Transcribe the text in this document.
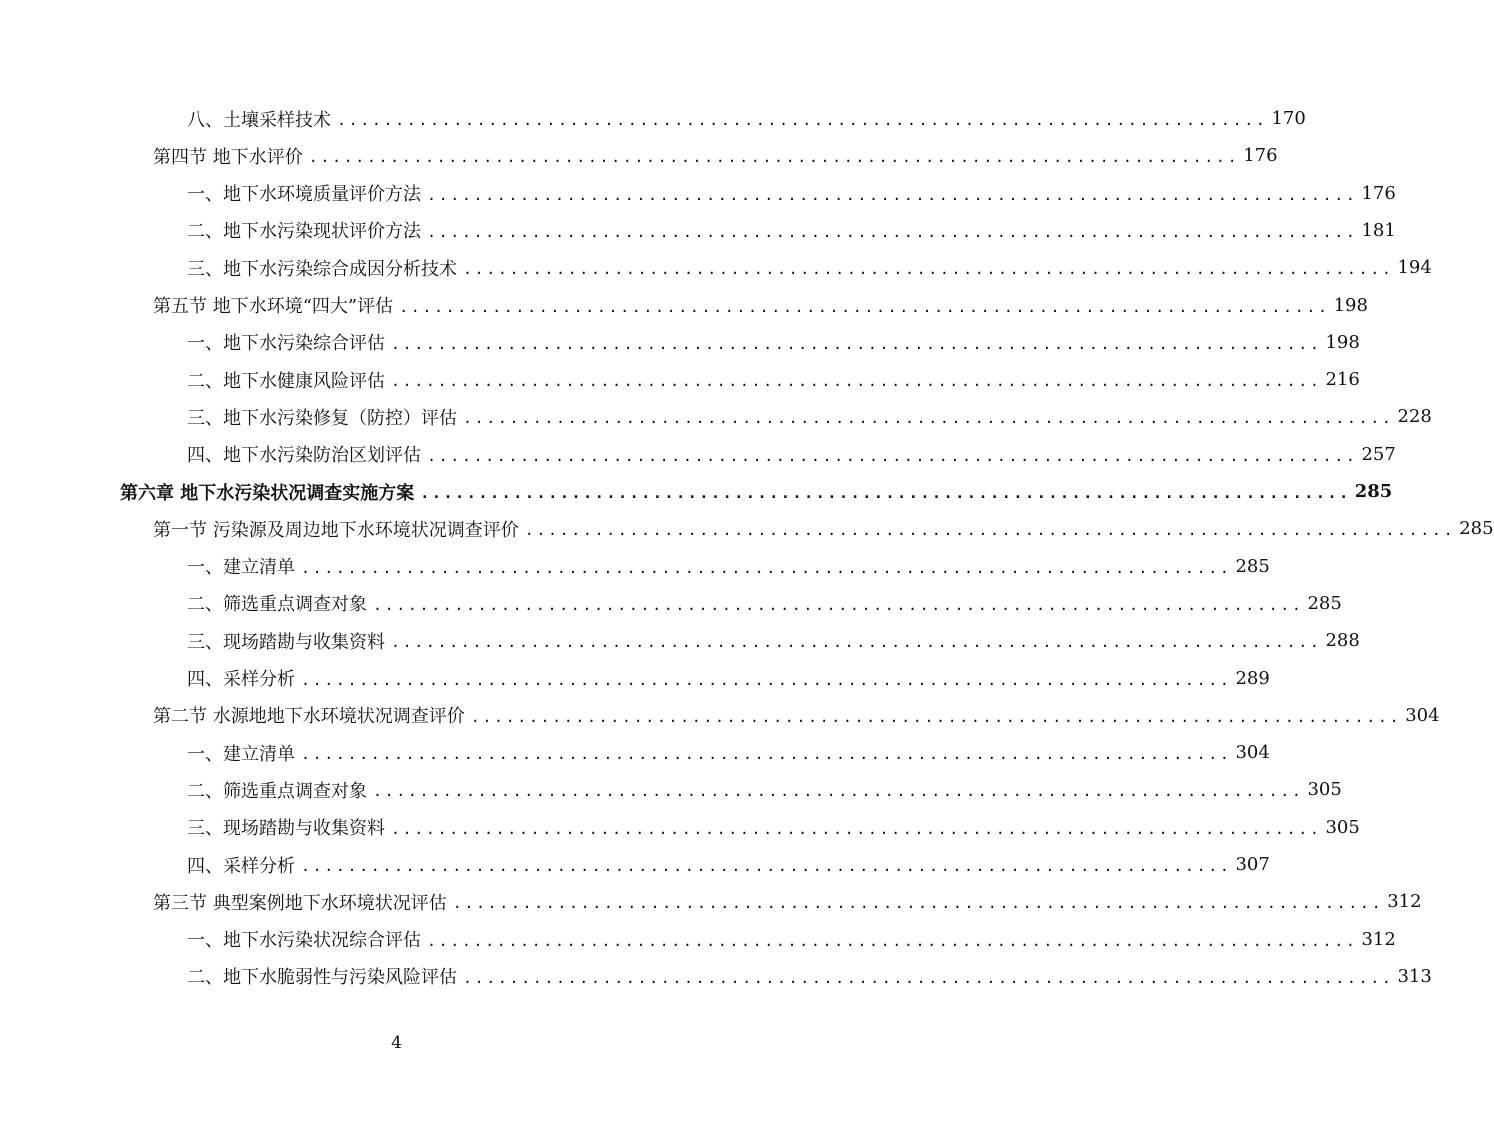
八、土壤采样技术 ................................................................................ 170
第四节 地下水评价 ................................................................................ 176
一、地下水环境质量评价方法 ................................................................................ 176
二、地下水污染现状评价方法 ................................................................................ 181
三、地下水污染综合成因分析技术 ................................................................................ 194
第五节 地下水环境“四大”评估 ................................................................................ 198
一、地下水污染综合评估 ................................................................................ 198
二、地下水健康风险评估 ................................................................................ 216
三、地下水污染修复（防控）评估 ................................................................................ 228
四、地下水污染防治区划评估 ................................................................................ 257
第六章 地下水污染状况调查实施方案 ................................................................................ 285
第一节 污染源及周边地下水环境状况调查评价 ................................................................................ 285
一、建立清单 ................................................................................ 285
二、筛选重点调查对象 ................................................................................ 285
三、现场踏勘与收集资料 ................................................................................ 288
四、采样分析 ................................................................................ 289
第二节 水源地地下水环境状况调查评价 ................................................................................ 304
一、建立清单 ................................................................................ 304
二、筛选重点调查对象 ................................................................................ 305
三、现场踏勘与收集资料 ................................................................................ 305
四、采样分析 ................................................................................ 307
第三节 典型案例地下水环境状况评估 ................................................................................ 312
一、地下水污染状况综合评估 ................................................................................ 312
二、地下水脆弱性与污染风险评估 ................................................................................ 313
4
